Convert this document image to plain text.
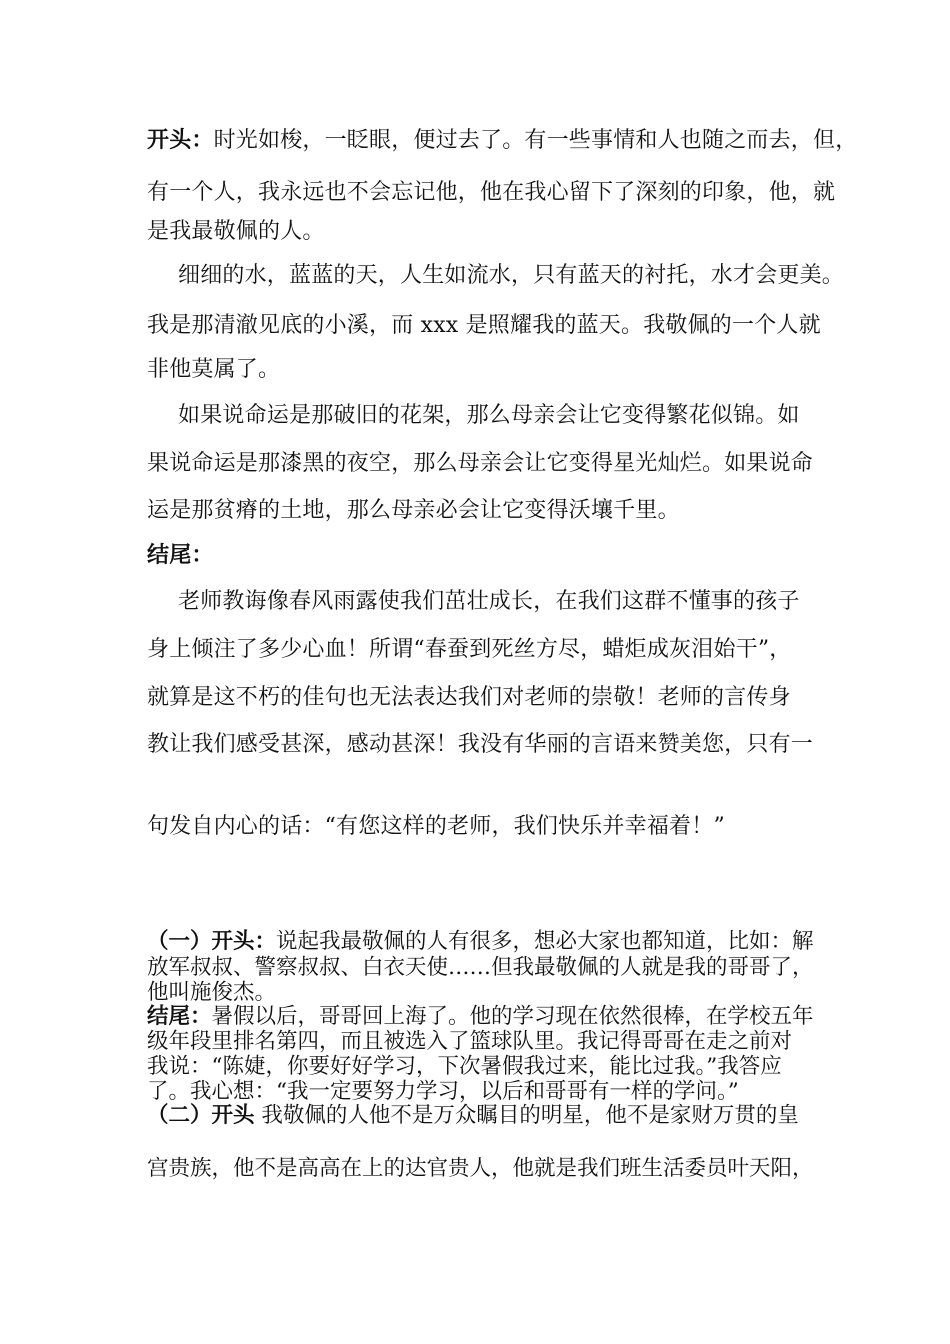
开头：时光如梭，一眨眼，便过去了。有一些事情和人也随之而去，但，
有一个人，我永远也不会忘记他，他在我心留下了深刻的印象，他，就
是我最敬佩的人。
细细的水，蓝蓝的天，人生如流水，只有蓝天的衬托，水才会更美。
我是那清澈见底的小溪，而 xxx 是照耀我的蓝天。我敬佩的一个人就
非他莫属了。
如果说命运是那破旧的花架，那么母亲会让它变得繁花似锦。如
果说命运是那漆黑的夜空，那么母亲会让它变得星光灿烂。如果说命
运是那贫瘠的土地，那么母亲必会让它变得沃壤千里。
结尾：
老师教诲像春风雨露使我们茁壮成长，在我们这群不懂事的孩子
身上倾注了多少心血！所谓“春蚕到死丝方尽，蜡炬成灰泪始干”，
就算是这不朽的佳句也无法表达我们对老师的崇敬！老师的言传身
教让我们感受甚深，感动甚深！我没有华丽的言语来赞美您，只有一
句发自内心的话：“有您这样的老师，我们快乐并幸福着！”
（一）开头：说起我最敬佩的人有很多，想必大家也都知道，比如：解
放军叔叔、警察叔叔、白衣天使……但我最敬佩的人就是我的哥哥了，
他叫施俊杰。
结尾：暑假以后，哥哥回上海了。他的学习现在依然很棒，在学校五年
级年段里排名第四，而且被选入了篮球队里。我记得哥哥在走之前对
我说：“陈婕，你要好好学习，下次暑假我过来，能比过我。”我答应
了。我心想：“我一定要努力学习，以后和哥哥有一样的学问。”
（二）开头 我敬佩的人他不是万众瞩目的明星，他不是家财万贯的皇
宫贵族，他不是高高在上的达官贵人，他就是我们班生活委员叶天阳，
